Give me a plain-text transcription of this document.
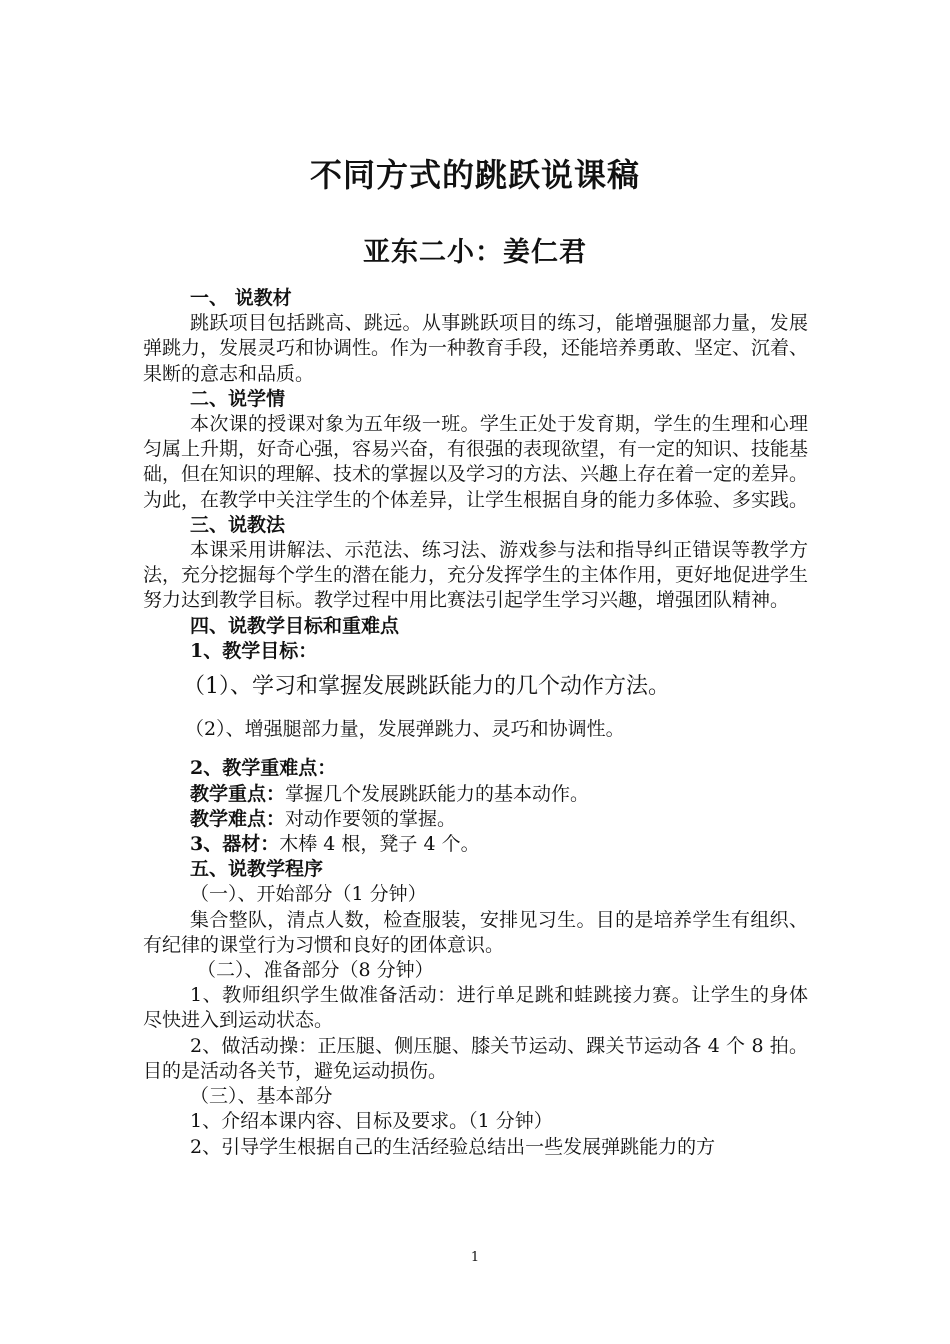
不同方式的跳跃说课稿
亚东二小：姜仁君

一、 说教材

跳跃项目包括跳高、跳远。从事跳跃项目的练习，能增强腿部力量，发展弹跳力，发展灵巧和协调性。作为一种教育手段，还能培养勇敢、坚定、沉着、果断的意志和品质。

二、说学情

本次课的授课对象为五年级一班。学生正处于发育期，学生的生理和心理匀属上升期，好奇心强，容易兴奋，有很强的表现欲望，有一定的知识、技能基础，但在知识的理解、技术的掌握以及学习的方法、兴趣上存在着一定的差异。为此，在教学中关注学生的个体差异，让学生根据自身的能力多体验、多实践。

三、说教法

本课采用讲解法、示范法、练习法、游戏参与法和指导纠正错误等教学方法，充分挖掘每个学生的潜在能力，充分发挥学生的主体作用，更好地促进学生努力达到教学目标。教学过程中用比赛法引起学生学习兴趣，增强团队精神。

四、说教学目标和重难点

1、教学目标：

（1）、学习和掌握发展跳跃能力的几个动作方法。

（2）、增强腿部力量，发展弹跳力、灵巧和协调性。

2、教学重难点：

教学重点：掌握几个发展跳跃能力的基本动作。

教学难点：对动作要领的掌握。

3、器材：木棒 4 根，凳子 4 个。

五、说教学程序

（一）、开始部分（1 分钟）

集合整队，清点人数，检查服装，安排见习生。目的是培养学生有组织、有纪律的课堂行为习惯和良好的团体意识。

（二）、准备部分（8 分钟）

1、教师组织学生做准备活动：进行单足跳和蛙跳接力赛。让学生的身体尽快进入到运动状态。

2、做活动操：正压腿、侧压腿、膝关节运动、踝关节运动各 4 个 8 拍。目的是活动各关节，避免运动损伤。

（三）、基本部分

1、介绍本课内容、目标及要求。（1 分钟）

2、引导学生根据自己的生活经验总结出一些发展弹跳能力的方

1
